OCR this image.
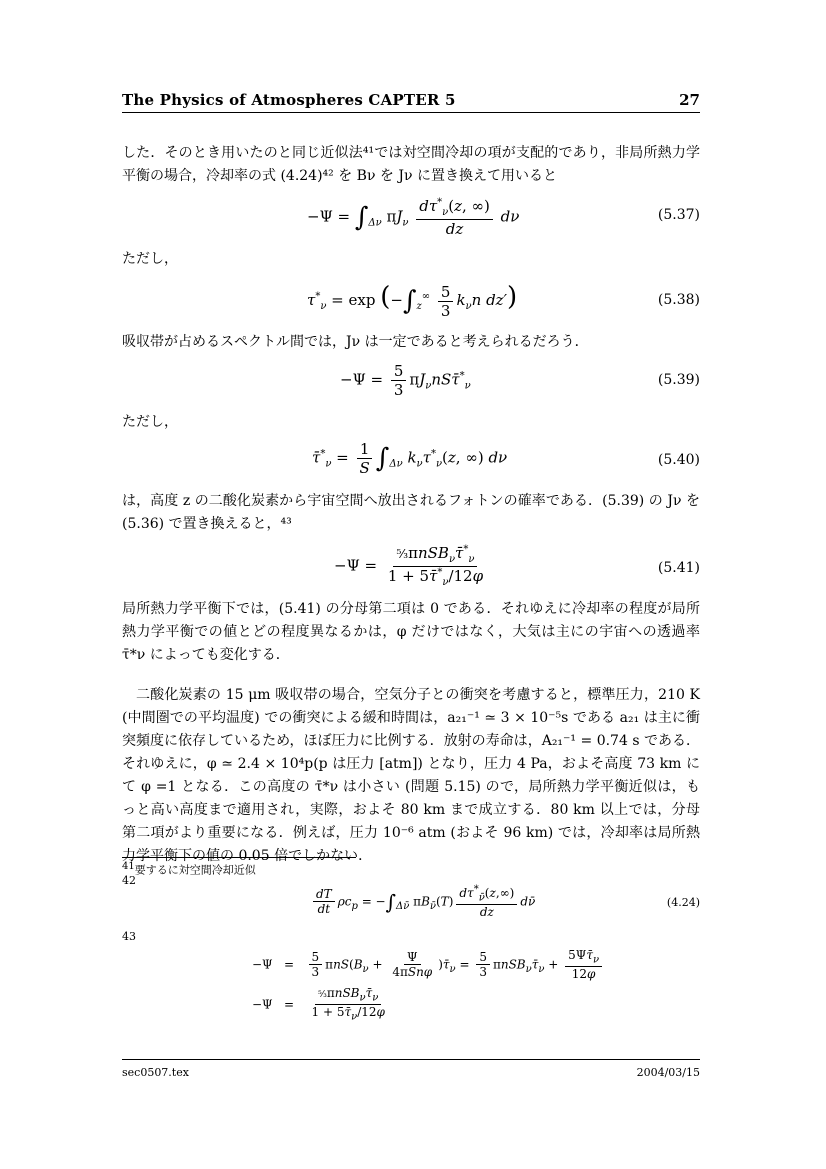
The Physics of Atmospheres CAPTER 5	27
した．そのとき用いたのと同じ近似法⁴¹では対空間冷却の項が支配的であり，非局所熱力学平衡の場合，冷却率の式 (4.24)⁴² を Bν を Jν に置き換えて用いると
$-\Psi = \int_{\Delta\nu}$ $\pi J_\nu \frac{d\tau^*_\nu(z, \infty)}{dz}$ dν	(5.37)
ただし，
$\tau^*_\nu = \exp (-\int_z^\infty \frac{5}{3} k_\nu n$ dz′)	(5.38)
吸収帯が占めるスペクトル間では，Jν は一定であると考えられるだろう．
$-\Psi = \frac{5}{3}$ $\pi J_\nu nS\taū^*_\nu$	(5.39)
ただし，
$\taū^*_\nu = \frac{1}{S} \int_{\Delta\nu}$ $k_\nu\tau^*_\nu(z$, ∞) dν	(5.40)
は，高度 z の二酸化炭素から宇宙空間へ放出されるフォトンの確率である．(5.39) の Jν を (5.36) で置き換えると，⁴³
$-\Psi = \frac{^5⁄_3\pi nSB_\nu\taū^*_\nu}{1 + 5\taū^*_\nu/12\varphi}$	(5.41)
局所熱力学平衡下では，(5.41) の分母第二項は 0 である．それゆえに冷却率の程度が局所熱力学平衡での値とどの程度異なるかは，φ だけではなく，大気は主にの宇宙への透過率 τ̄*ν によっても変化する．
二酸化炭素の 15 μm 吸収帯の場合，空気分子との衝突を考慮すると，標準圧力，210 K (中間圏での平均温度) での衝突による緩和時間は，a₂₁⁻¹ ≃ 3 × 10⁻⁵s である a₂₁ は主に衝突頻度に依存しているため，ほぼ圧力に比例する．放射の寿命は，A₂₁⁻¹ = 0.74 s である．それゆえに，φ ≃ 2.4 × 10⁴p(p は圧力 [atm]) となり，圧力 4 Pa，およそ高度 73 km にて φ =1 となる．この高度の τ̄*ν は小さい (問題 5.15) ので，局所熱力学平衡近似は，もっと高い高度まで適用され，実際，およそ 80 km まで成立する．80 km 以上では，分母第二項がより重要になる．例えば，圧力 10⁻⁶ atm (およそ 96 km) では，冷却率は局所熱力学平衡下の値の 0.05 倍でしかない．
$^{41}$要するに対空間冷却近似
42
$\frac{dT}{dt} \rho c_p = -\int_{\Delta\nū}$ $\pi B_{\nū}(T) \frac{d\tau^*_{\nū}(z,\infty)}{dz}$ dν̄	(4.24)
43
$-\Psi = \frac{5}{3} \pi nS(B_\nu + \frac{\Psi}{\text{4πSnφ}}$ )$\taū_\nu = \frac{5}{3}$ $\pi nSB_\nu\taū_\nu + \frac{5\Psi\taū_\nu}{12\varphi}$
$-\Psi = \frac{^5⁄_3\pi nSB_\nu\taū_\nu}{1 + 5\taū_\nu/12\varphi}$
sec0507.tex	2004/03/15
